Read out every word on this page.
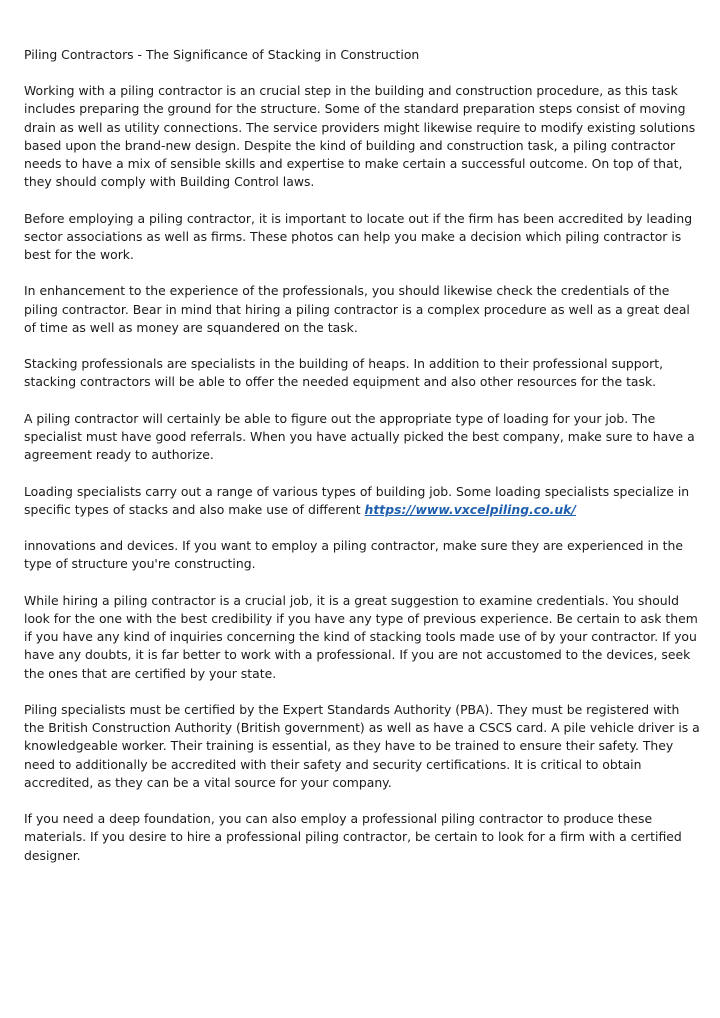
Piling Contractors - The Significance of Stacking in Construction

Working with a piling contractor is an crucial step in the building and construction procedure, as this task includes preparing the ground for the structure. Some of the standard preparation steps consist of moving drain as well as utility connections. The service providers might likewise require to modify existing solutions based upon the brand-new design. Despite the kind of building and construction task, a piling contractor needs to have a mix of sensible skills and expertise to make certain a successful outcome. On top of that, they should comply with Building Control laws.

Before employing a piling contractor, it is important to locate out if the firm has been accredited by leading sector associations as well as firms. These photos can help you make a decision which piling contractor is best for the work.

In enhancement to the experience of the professionals, you should likewise check the credentials of the piling contractor. Bear in mind that hiring a piling contractor is a complex procedure as well as a great deal of time as well as money are squandered on the task.

Stacking professionals are specialists in the building of heaps. In addition to their professional support, stacking contractors will be able to offer the needed equipment and also other resources for the task.

A piling contractor will certainly be able to figure out the appropriate type of loading for your job. The specialist must have good referrals. When you have actually picked the best company, make sure to have a agreement ready to authorize.

Loading specialists carry out a range of various types of building job. Some loading specialists specialize in specific types of stacks and also make use of different https://www.vxcelpiling.co.uk/

innovations and devices. If you want to employ a piling contractor, make sure they are experienced in the type of structure you're constructing.

While hiring a piling contractor is a crucial job, it is a great suggestion to examine credentials. You should look for the one with the best credibility if you have any type of previous experience. Be certain to ask them if you have any kind of inquiries concerning the kind of stacking tools made use of by your contractor. If you have any doubts, it is far better to work with a professional. If you are not accustomed to the devices, seek the ones that are certified by your state.

Piling specialists must be certified by the Expert Standards Authority (PBA). They must be registered with the British Construction Authority (British government) as well as have a CSCS card. A pile vehicle driver is a knowledgeable worker. Their training is essential, as they have to be trained to ensure their safety. They need to additionally be accredited with their safety and security certifications. It is critical to obtain accredited, as they can be a vital source for your company.

If you need a deep foundation, you can also employ a professional piling contractor to produce these materials. If you desire to hire a professional piling contractor, be certain to look for a firm with a certified designer.
